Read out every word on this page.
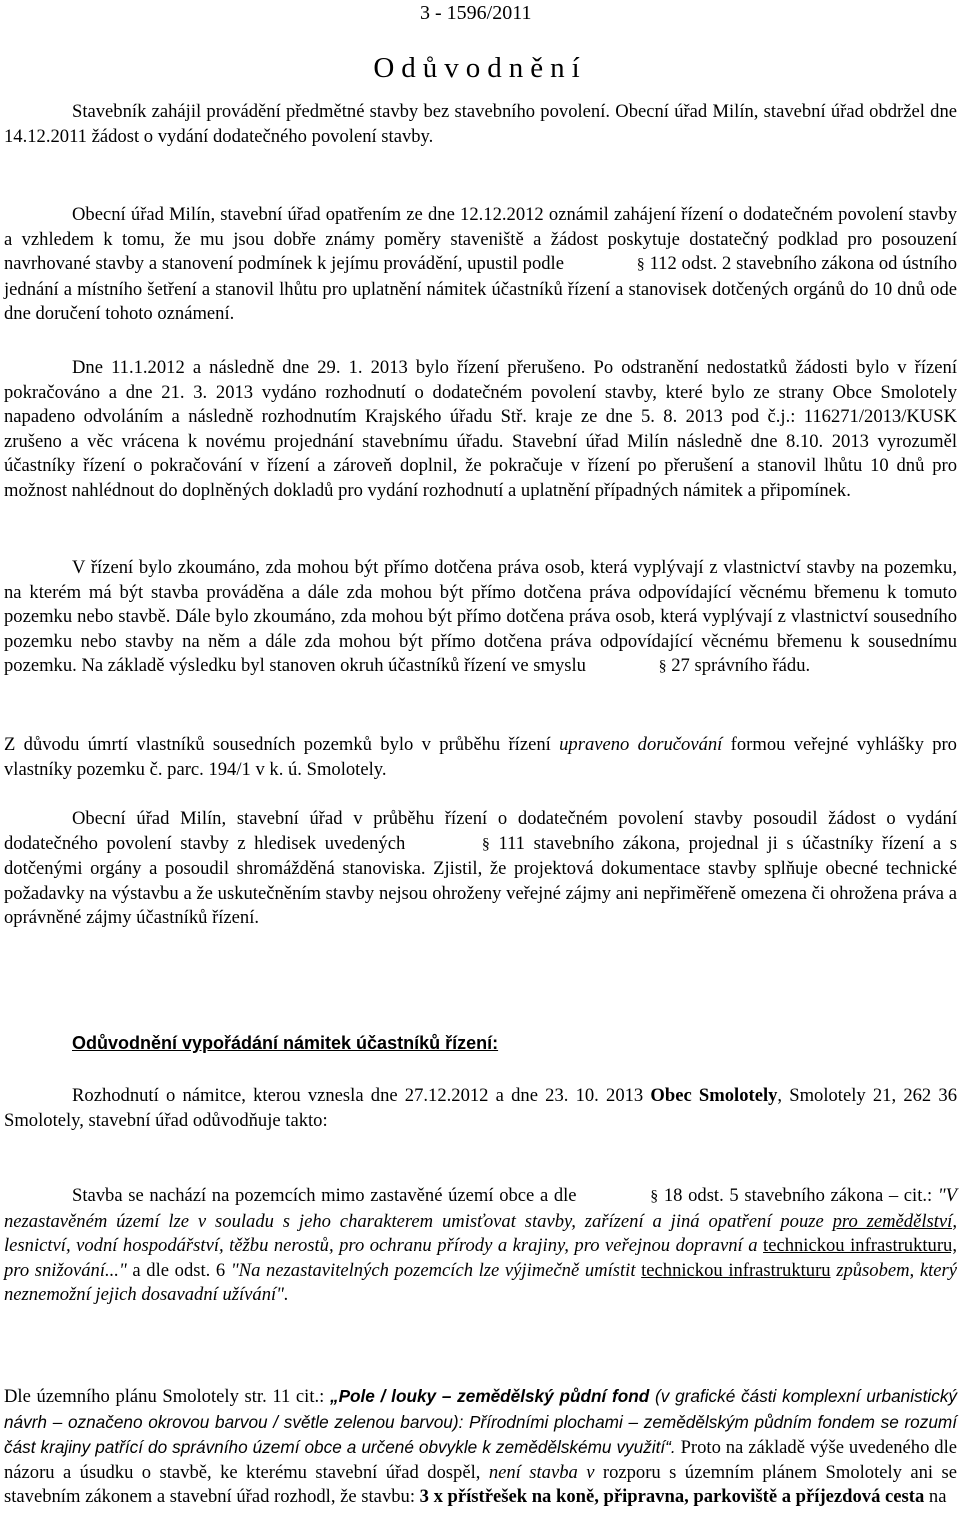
3 - 1596/2011
Odůvodnění

Stavebník zahájil provádění předmětné stavby bez stavebního povolení. Obecní úřad Milín, stavební úřad obdržel dne 14.12.2011 žádost o vydání dodatečného povolení stavby.

Obecní úřad Milín, stavební úřad opatřením ze dne 12.12.2012 oznámil zahájení řízení o dodatečném povolení stavby a vzhledem k tomu, že mu jsou dobře známy poměry staveniště a žádost poskytuje dostatečný podklad pro posouzení navrhované stavby a stanovení podmínek k jejímu provádění, upustil podle	§ 112 odst. 2 stavebního zákona od ústního jednání a místního šetření a stanovil lhůtu pro uplatnění námitek účastníků řízení a stanovisek dotčených orgánů do 10 dnů ode dne doručení tohoto oznámení.

Dne 11.1.2012 a následně dne 29. 1. 2013 bylo řízení přerušeno. Po odstranění nedostatků žádosti bylo v řízení pokračováno a dne 21. 3. 2013 vydáno rozhodnutí o dodatečném povolení stavby, které bylo ze strany Obce Smolotely napadeno odvoláním a následně rozhodnutím Krajského úřadu Stř. kraje ze dne 5. 8. 2013 pod č.j.: 116271/2013/KUSK zrušeno a věc vrácena k novému projednání stavebnímu úřadu. Stavební úřad Milín následně dne 8.10. 2013 vyrozuměl účastníky řízení o pokračování v řízení a zároveň doplnil, že pokračuje v řízení po přerušení a stanovil lhůtu 10 dnů pro možnost nahlédnout do doplněných dokladů pro vydání rozhodnutí a uplatnění případných námitek a připomínek.

V řízení bylo zkoumáno, zda mohou být přímo dotčena práva osob, která vyplývají z vlastnictví stavby na pozemku, na kterém má být stavba prováděna a dále zda mohou být přímo dotčena práva odpovídající věcnému břemenu k tomuto pozemku nebo stavbě. Dále bylo zkoumáno, zda mohou být přímo dotčena práva osob, která vyplývají z vlastnictví sousedního pozemku nebo stavby na něm a dále zda mohou být přímo dotčena práva odpovídající věcnému břemenu k sousednímu pozemku. Na základě výsledku byl stanoven okruh účastníků řízení ve smyslu	§ 27 správního řádu.

Z důvodu úmrtí vlastníků sousedních pozemků bylo v průběhu řízení upraveno doručování formou veřejné vyhlášky pro vlastníky pozemku č. parc. 194/1 v k. ú. Smolotely.

Obecní úřad Milín, stavební úřad v průběhu řízení o dodatečném povolení stavby posoudil žádost o vydání dodatečného povolení stavby z hledisek uvedených	§ 111 stavebního zákona, projednal ji s účastníky řízení a s dotčenými orgány a posoudil shromážděná stanoviska. Zjistil, že projektová dokumentace stavby splňuje obecné technické požadavky na výstavbu a že uskutečněním stavby nejsou ohroženy veřejné zájmy ani nepřiměřeně omezena či ohrožena práva a oprávněné zájmy účastníků řízení.

Odůvodnění vypořádání námitek účastníků řízení:

Rozhodnutí o námitce, kterou vznesla dne 27.12.2012 a dne 23. 10. 2013 Obec Smolotely, Smolotely 21, 262 36 Smolotely, stavební úřad odůvodňuje takto:

Stavba se nachází na pozemcích mimo zastavěné území obce a dle	§ 18 odst. 5 stavebního zákona – cit.: "V nezastavěném území lze v souladu s jeho charakterem umisťovat stavby, zařízení a jiná opatření pouze pro zemědělství, lesnictví, vodní hospodářství, těžbu nerostů, pro ochranu přírody a krajiny, pro veřejnou dopravní a technickou infrastrukturu, pro snižování..." a dle odst. 6 "Na nezastavitelných pozemcích lze výjimečně umístit technickou infrastrukturu způsobem, který neznemožní jejich dosavadní užívání".

Dle územního plánu Smolotely str. 11 cit.: „Pole / louky – zemědělský půdní fond (v grafické části komplexní urbanistický návrh – označeno okrovou barvou / světle zelenou barvou): Přírodními plochami – zemědělským půdním fondem se rozumí část krajiny patřící do správního území obce a určené obvykle k zemědělskému využití“. Proto na základě výše uvedeného dle názoru a úsudku o stavbě, ke kterému stavební úřad dospěl, není stavba v rozporu s územním plánem Smolotely ani se stavebním zákonem a stavební úřad rozhodl, že stavbu: 3 x přístřešek na koně, připravna, parkoviště a příjezdová cesta na
